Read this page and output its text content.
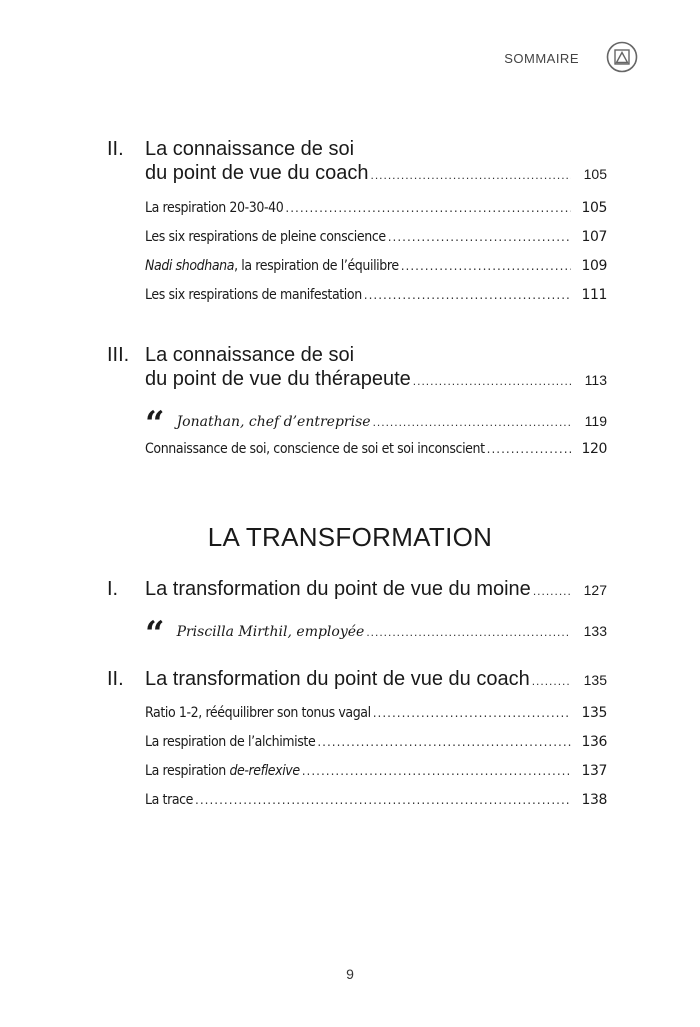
SOMMAIRE
II. La connaissance de soi
du point de vue du coach .....	105
La respiration 20-30-40 .....	105
Les six respirations de pleine conscience .....	107
Nadi shodhana, la respiration de l’équilibre .....	109
Les six respirations de manifestation .....	111
III. La connaissance de soi
du point de vue du thérapeute .....	113
“ Jonathan, chef d’entreprise .....	119
Connaissance de soi, conscience de soi et soi inconscient .....	120
LA TRANSFORMATION
I. La transformation du point de vue du moine .....	127
“ Priscilla Mirthil, employée .....	133
II. La transformation du point de vue du coach .....	135
Ratio 1-2, rééquilibrer son tonus vagal .....	135
La respiration de l’alchimiste .....	136
La respiration de-reflexive .....	137
La trace .....	138
9
